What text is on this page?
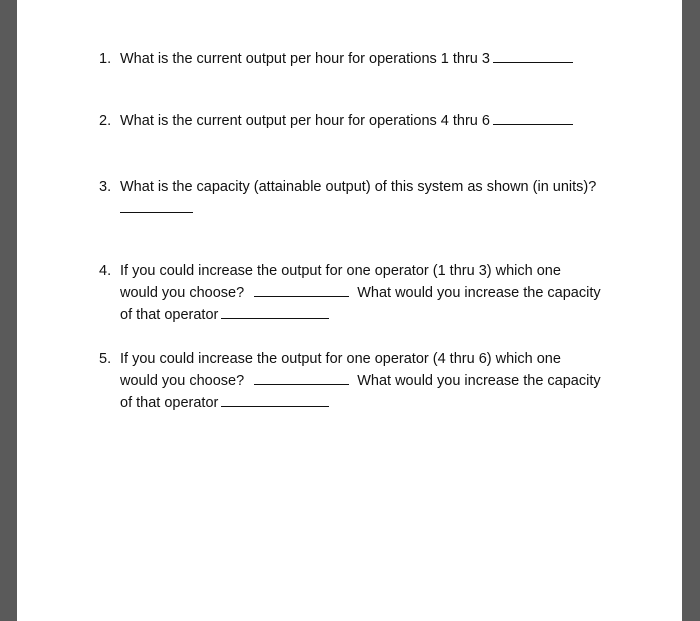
1. What is the current output per hour for operations 1 thru 3
2. What is the current output per hour for operations 4 thru 6
3. What is the capacity (attainable output) of this system as shown (in units)?
4. If you could increase the output for one operator (1 thru 3) which one
would you choose?	What would you increase the capacity
of that operator
5. If you could increase the output for one operator (4 thru 6) which one
would you choose?	What would you increase the capacity
of that operator
